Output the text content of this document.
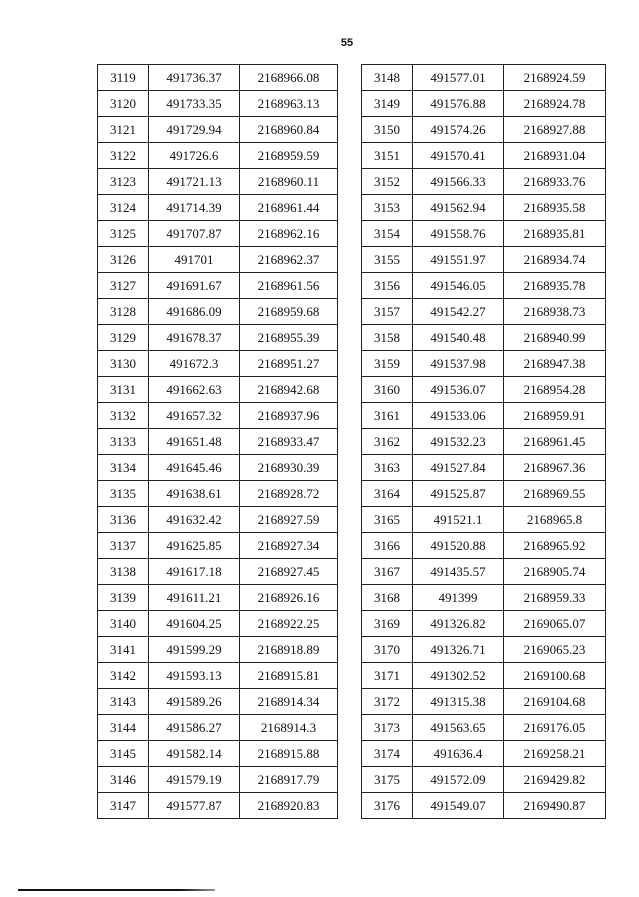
55
3119	491736.37	2168966.08
3120	491733.35	2168963.13
3121	491729.94	2168960.84
3122	491726.6	2168959.59
3123	491721.13	2168960.11
3124	491714.39	2168961.44
3125	491707.87	2168962.16
3126	491701	2168962.37
3127	491691.67	2168961.56
3128	491686.09	2168959.68
3129	491678.37	2168955.39
3130	491672.3	2168951.27
3131	491662.63	2168942.68
3132	491657.32	2168937.96
3133	491651.48	2168933.47
3134	491645.46	2168930.39
3135	491638.61	2168928.72
3136	491632.42	2168927.59
3137	491625.85	2168927.34
3138	491617.18	2168927.45
3139	491611.21	2168926.16
3140	491604.25	2168922.25
3141	491599.29	2168918.89
3142	491593.13	2168915.81
3143	491589.26	2168914.34
3144	491586.27	2168914.3
3145	491582.14	2168915.88
3146	491579.19	2168917.79
3147	491577.87	2168920.83
3148	491577.01	2168924.59
3149	491576.88	2168924.78
3150	491574.26	2168927.88
3151	491570.41	2168931.04
3152	491566.33	2168933.76
3153	491562.94	2168935.58
3154	491558.76	2168935.81
3155	491551.97	2168934.74
3156	491546.05	2168935.78
3157	491542.27	2168938.73
3158	491540.48	2168940.99
3159	491537.98	2168947.38
3160	491536.07	2168954.28
3161	491533.06	2168959.91
3162	491532.23	2168961.45
3163	491527.84	2168967.36
3164	491525.87	2168969.55
3165	491521.1	2168965.8
3166	491520.88	2168965.92
3167	491435.57	2168905.74
3168	491399	2168959.33
3169	491326.82	2169065.07
3170	491326.71	2169065.23
3171	491302.52	2169100.68
3172	491315.38	2169104.68
3173	491563.65	2169176.05
3174	491636.4	2169258.21
3175	491572.09	2169429.82
3176	491549.07	2169490.87
